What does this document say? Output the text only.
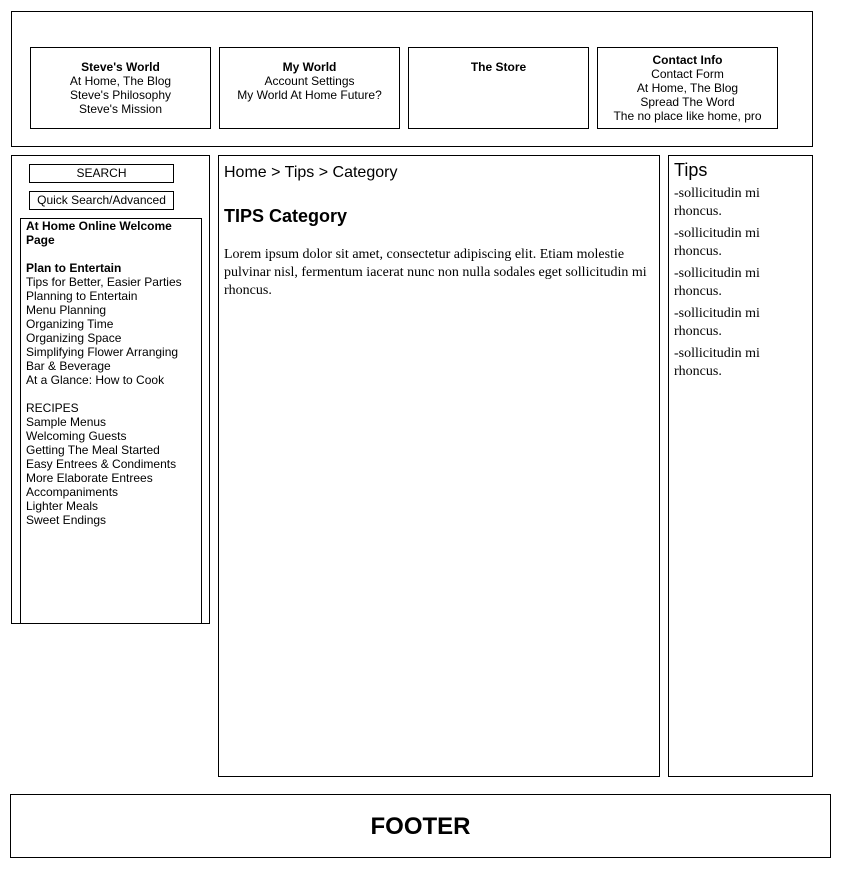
Steve's World
At Home, The Blog
Steve's Philosophy
Steve's Mission
My World
Account Settings
My World At Home Future?
The Store	Contact Info
Contact Form
At Home, The Blog
Spread The Word
The no place like home, pro
SEARCH
Quick Search/Advanced
At Home Online Welcome Page
Plan to Entertain
Tips for Better, Easier Parties
Planning to Entertain
Menu Planning
Organizing Time
Organizing Space
Simplifying Flower Arranging
Bar & Beverage
At a Glance: How to Cook
RECIPES
Sample Menus
Welcoming Guests
Getting The Meal Started
Easy Entrees & Condiments
More Elaborate Entrees
Accompaniments
Lighter Meals
Sweet Endings

Home > Tips > Category

TIPS Category

Lorem ipsum dolor sit amet, consectetur adipiscing elit. Etiam molestie pulvinar nisl, fermentum iacerat nunc non nulla sodales eget sollicitudin mi rhoncus.

Tips

-sollicitudin mi rhoncus.

-sollicitudin mi rhoncus.

-sollicitudin mi rhoncus.

-sollicitudin mi rhoncus.

-sollicitudin mi rhoncus.

FOOTER
